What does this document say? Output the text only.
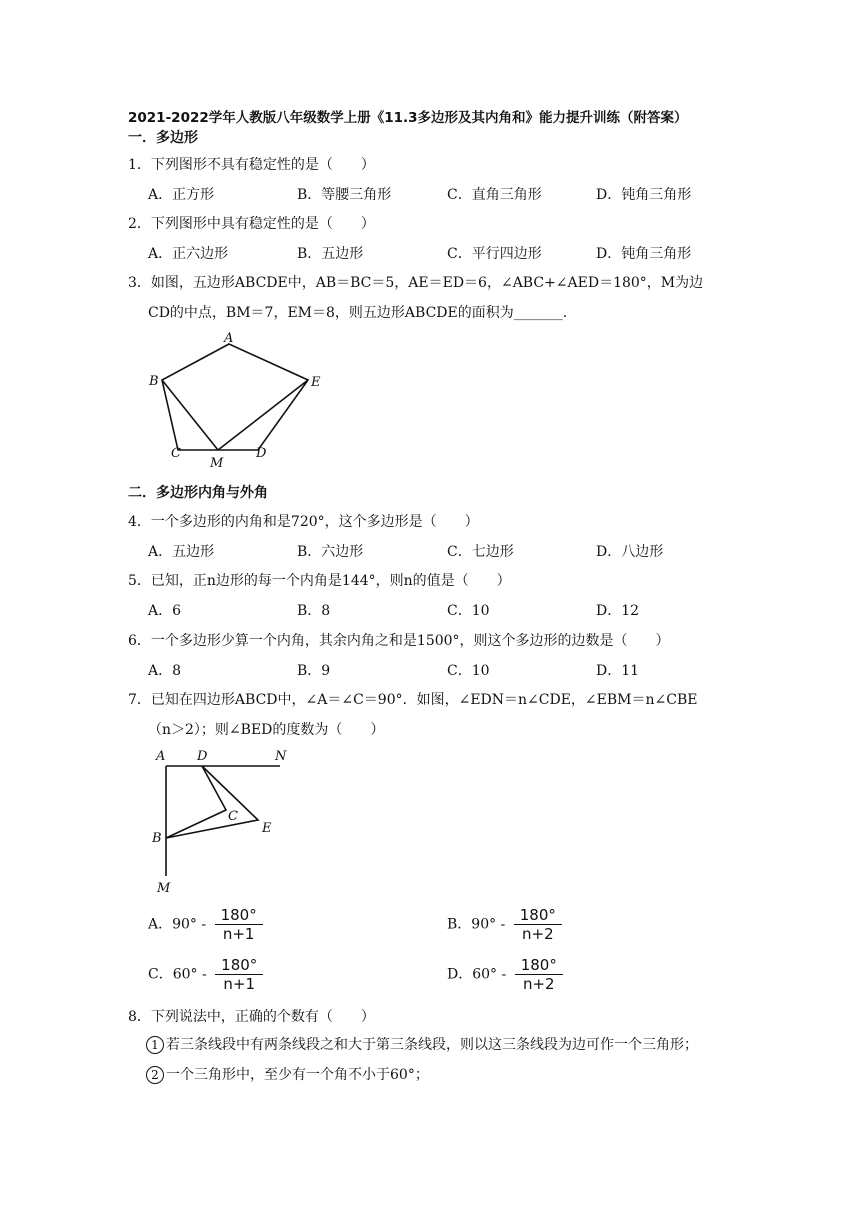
2021-2022学年人教版八年级数学上册《11.3多边形及其内角和》能力提升训练（附答案）
一．多边形
1．下列图形不具有稳定性的是（　　）
A．正方形	B．等腰三角形	C．直角三角形	D．钝角三角形
2．下列图形中具有稳定性的是（　　）
A．正六边形	B．五边形	C．平行四边形	D．钝角三角形
3．如图，五边形ABCDE中，AB＝BC＝5，AE＝ED＝6，∠ABC+∠AED＝180°，M为边
CD的中点，BM＝7，EM＝8，则五边形ABCDE的面积为_______.
A
B
C	D
E
M
二．多边形内角与外角
4．一个多边形的内角和是720°，这个多边形是（　　）
A．五边形	B．六边形	C．七边形	D．八边形
5．已知，正n边形的每一个内角是144°，则n的值是（　　）
A．6	B．8	C．10	D．12
6．一个多边形少算一个内角，其余内角之和是1500°，则这个多边形的边数是（　　）
A．8	B．9	C．10	D．11
7．已知在四边形ABCD中，∠A＝∠C＝90°．如图，∠EDN＝n∠CDE，∠EBM＝n∠CBE
（n＞2）；则∠BED的度数为（　　）
A D	N
C
E
B
M
A．$90^\circ - \frac{180^\circ}{n+1}$	B．$90^\circ - \frac{180^\circ}{n+2}$
C．$60^\circ - \frac{180^\circ}{n+1}$	D．$60^\circ - \frac{180^\circ}{n+2}$
8．下列说法中，正确的个数有（　　）
1 若三条线段中有两条线段之和大于第三条线段，则以这三条线段为边可作一个三角形；
2 一个三角形中，至少有一个角不小于60°；
